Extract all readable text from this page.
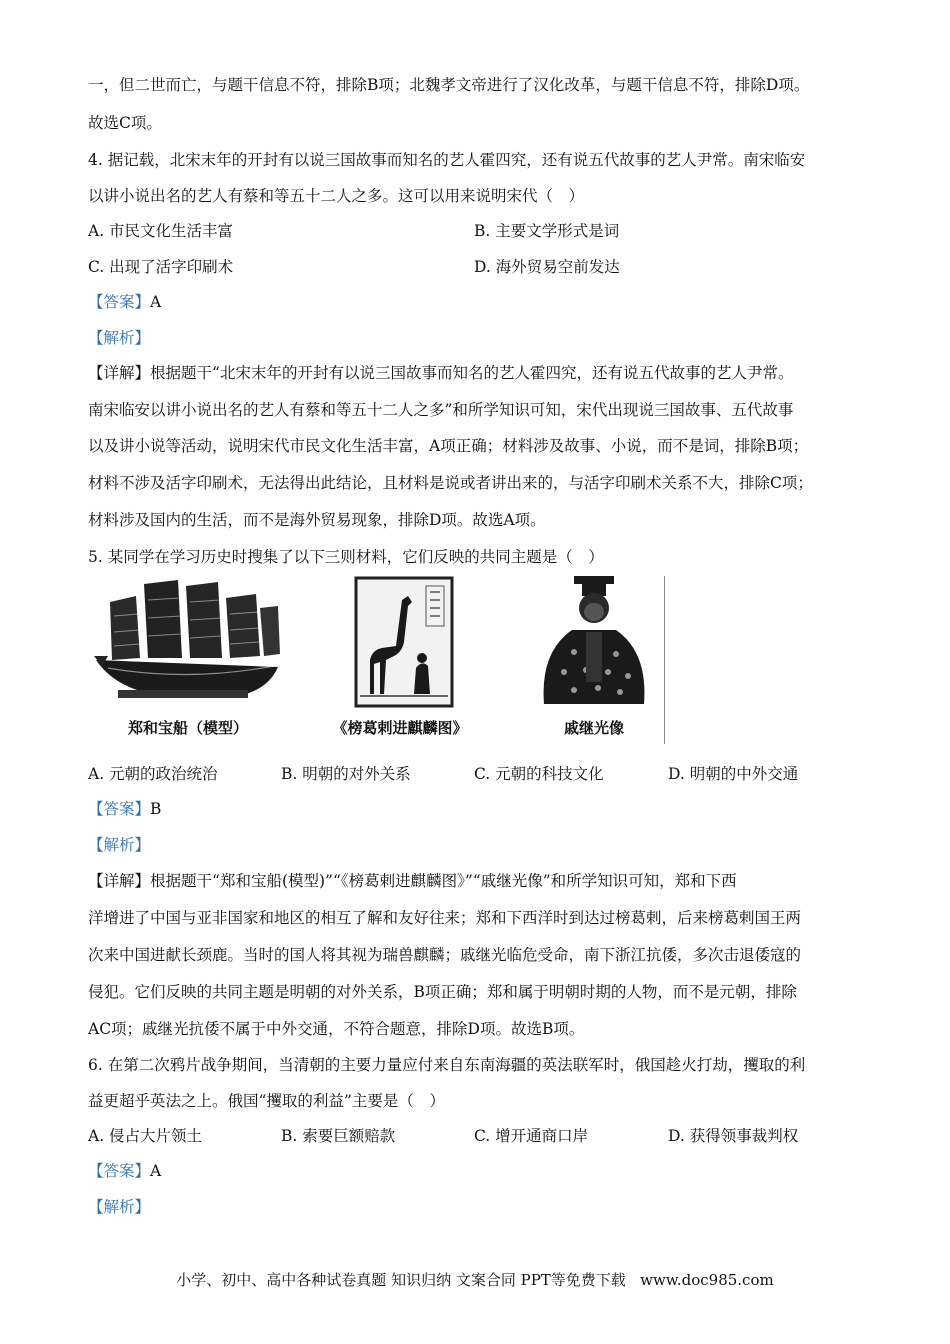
一，但二世而亡，与题干信息不符，排除B项；北魏孝文帝进行了汉化改革，与题干信息不符，排除D项。
故选C项。
4. 据记载，北宋末年的开封有以说三国故事而知名的艺人霍四究，还有说五代故事的艺人尹常。南宋临安
以讲小说出名的艺人有蔡和等五十二人之多。这可以用来说明宋代（　）
A. 市民文化生活丰富	B. 主要文学形式是词
C. 出现了活字印刷术	D. 海外贸易空前发达
【答案】A
【解析】
【详解】根据题干“北宋末年的开封有以说三国故事而知名的艺人霍四究，还有说五代故事的艺人尹常。
南宋临安以讲小说出名的艺人有蔡和等五十二人之多”和所学知识可知，宋代出现说三国故事、五代故事
以及讲小说等活动，说明宋代市民文化生活丰富，A项正确；材料涉及故事、小说，而不是词，排除B项；
材料不涉及活字印刷术，无法得出此结论，且材料是说或者讲出来的，与活字印刷术关系不大，排除C项；
材料涉及国内的生活，而不是海外贸易现象，排除D项。故选A项。
5. 某同学在学习历史时搜集了以下三则材料，它们反映的共同主题是（　）
郑和宝船（模型）	《榜葛剌进麒麟图》	戚继光像
A. 元朝的政治统治	B. 明朝的对外关系	C. 元朝的科技文化	D. 明朝的中外交通
【答案】B
【解析】
【详解】根据题干“郑和宝船(模型)”“《榜葛剌进麒麟图》”“戚继光像”和所学知识可知，郑和下西
洋增进了中国与亚非国家和地区的相互了解和友好往来；郑和下西洋时到达过榜葛剌，后来榜葛剌国王两
次来中国进献长颈鹿。当时的国人将其视为瑞兽麒麟；戚继光临危受命，南下浙江抗倭，多次击退倭寇的
侵犯。它们反映的共同主题是明朝的对外关系，B项正确；郑和属于明朝时期的人物，而不是元朝，排除
AC项；戚继光抗倭不属于中外交通，不符合题意，排除D项。故选B项。
6. 在第二次鸦片战争期间，当清朝的主要力量应付来自东南海疆的英法联军时，俄国趁火打劫，攫取的利
益更超乎英法之上。俄国“攫取的利益”主要是（　）
A. 侵占大片领土	B. 索要巨额赔款	C. 增开通商口岸	D. 获得领事裁判权
【答案】A
【解析】
小学、初中、高中各种试卷真题 知识归纳 文案合同 PPT等免费下载 www.doc985.com
